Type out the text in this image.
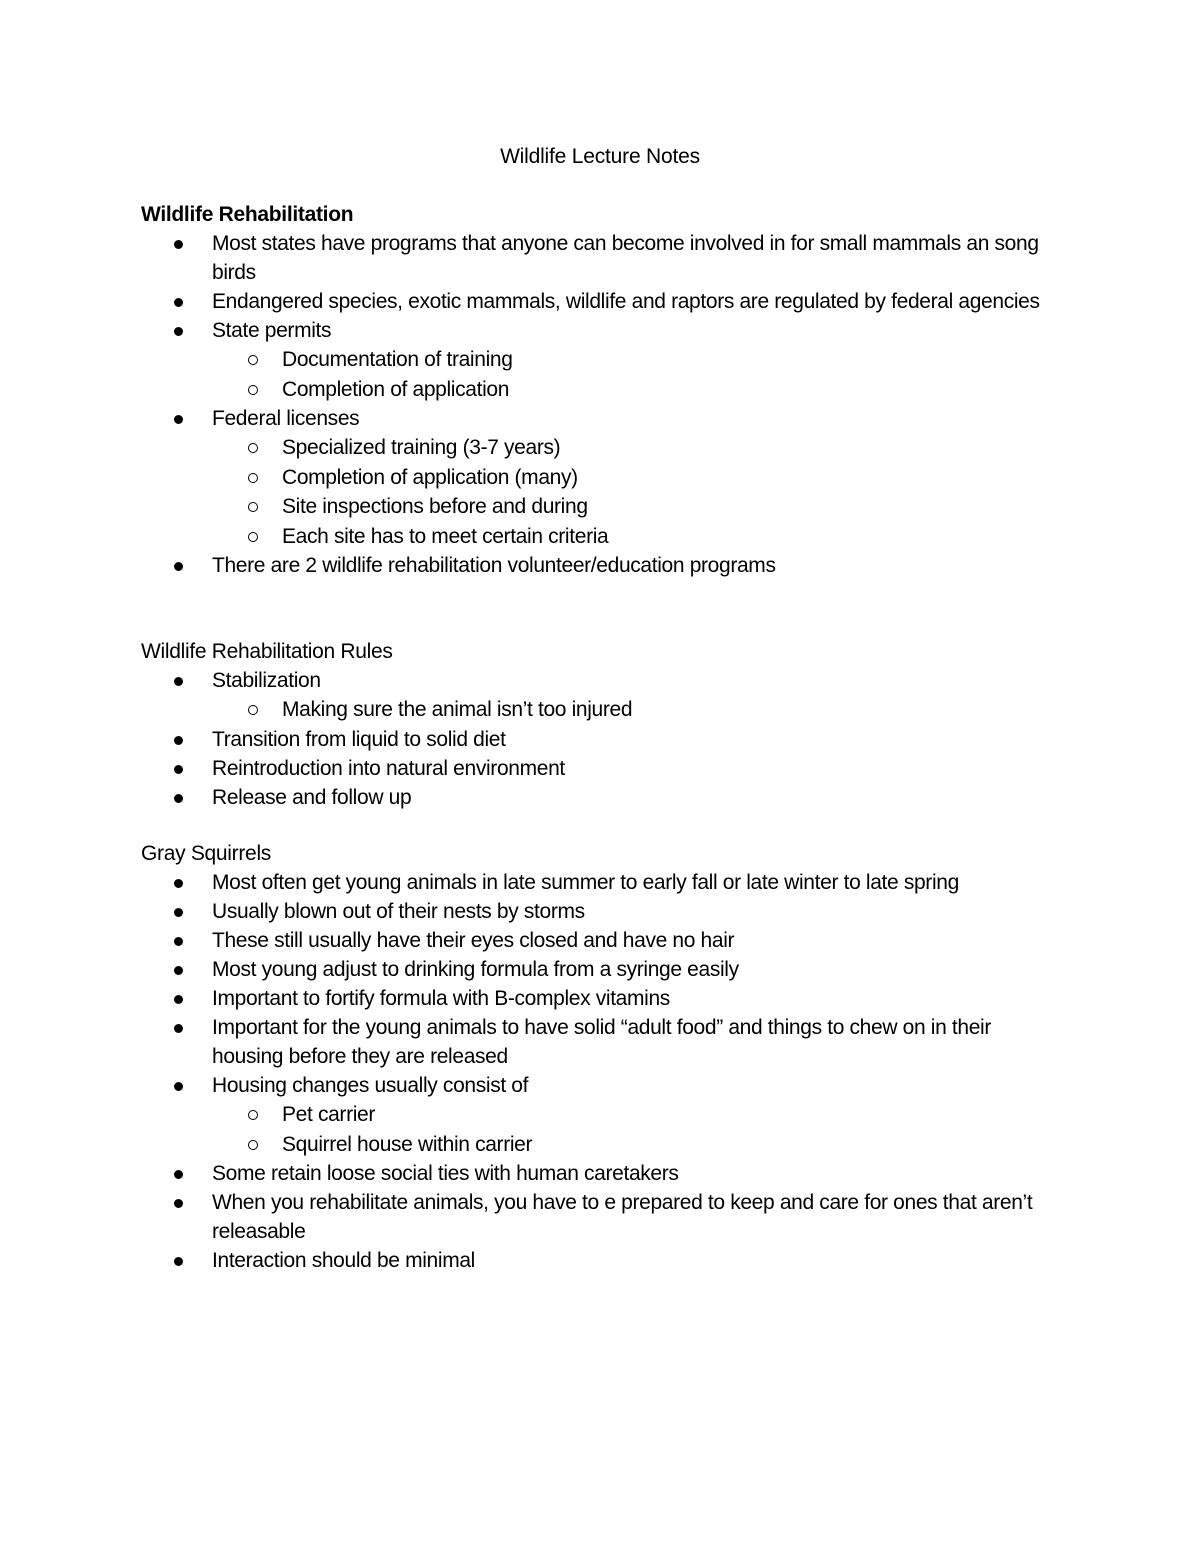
Wildlife Lecture Notes
Wildlife Rehabilitation
Most states have programs that anyone can become involved in for small mammals an song birds
Endangered species, exotic mammals, wildlife and raptors are regulated by federal agencies
State permits
Documentation of training
Completion of application
Federal licenses
Specialized training (3-7 years)
Completion of application (many)
Site inspections before and during
Each site has to meet certain criteria
There are 2 wildlife rehabilitation volunteer/education programs
Wildlife Rehabilitation Rules
Stabilization
Making sure the animal isn’t too injured
Transition from liquid to solid diet
Reintroduction into natural environment
Release and follow up
Gray Squirrels
Most often get young animals in late summer to early fall or late winter to late spring
Usually blown out of their nests by storms
These still usually have their eyes closed and have no hair
Most young adjust to drinking formula from a syringe easily
Important to fortify formula with B-complex vitamins
Important for the young animals to have solid “adult food” and things to chew on in their housing before they are released
Housing changes usually consist of
Pet carrier
Squirrel house within carrier
Some retain loose social ties with human caretakers
When you rehabilitate animals, you have to e prepared to keep and care for ones that aren’t releasable
Interaction should be minimal
